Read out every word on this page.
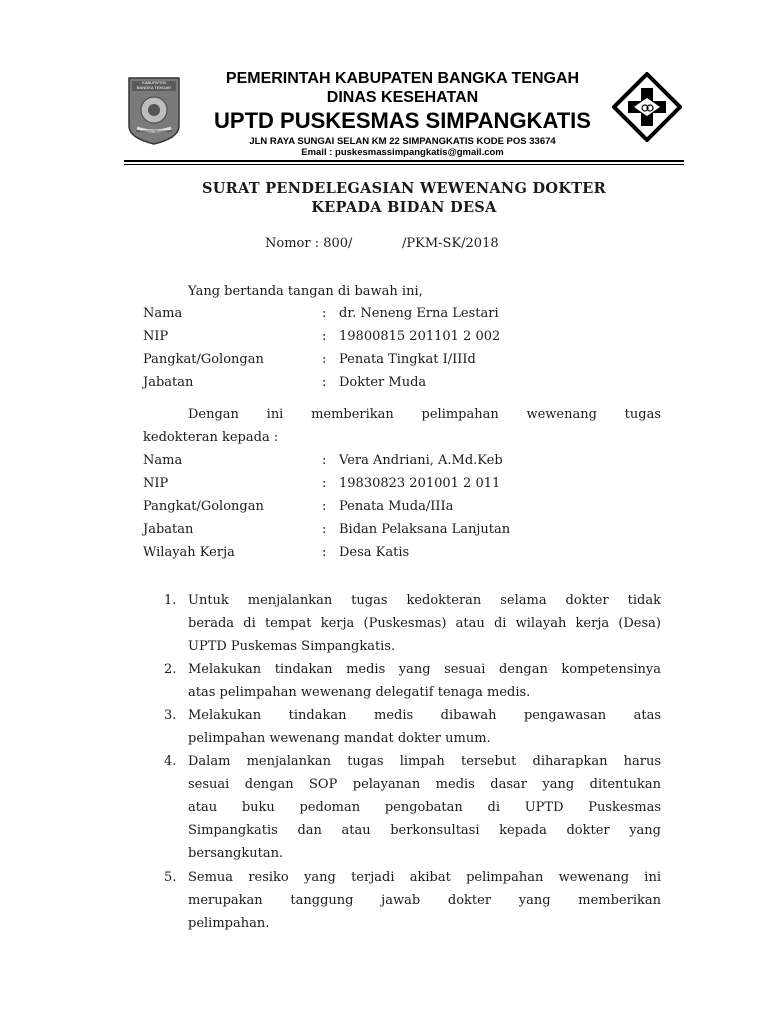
KABUPATEN
BANGKA TENGAH
SELAWANG SEGANTANG
PEMERINTAH KABUPATEN BANGKA TENGAH
DINAS KESEHATAN
UPTD PUSKESMAS SIMPANGKATIS
JLN RAYA SUNGAI SELAN KM 22 SIMPANGKATIS KODE POS 33674
Email : puskesmassimpangkatis@gmail.com
SURAT PENDELEGASIAN WEWENANG DOKTER
KEPADA BIDAN DESA
Nomor : 800/            /PKM-SK/2018
Yang bertanda tangan di bawah ini,
Nama	: dr. Neneng Erna Lestari
NIP	: 19800815 201101 2 002
Pangkat/Golongan	: Penata Tingkat I/IIId
Jabatan	: Dokter Muda
Dengan ini memberikan pelimpahan wewenang tugas
kedokteran kepada :
Nama	: Vera Andriani, A.Md.Keb
NIP	: 19830823 201001 2 011
Pangkat/Golongan	: Penata Muda/IIIa
Jabatan	: Bidan Pelaksana Lanjutan
Wilayah Kerja	: Desa Katis
1. Untuk menjalankan tugas kedokteran selama dokter tidak
berada di tempat kerja (Puskesmas) atau di wilayah kerja (Desa)
UPTD Puskemas Simpangkatis.
2. Melakukan tindakan medis yang sesuai dengan kompetensinya
atas pelimpahan wewenang delegatif tenaga medis.
3. Melakukan tindakan medis dibawah pengawasan atas
pelimpahan wewenang mandat dokter umum.
4. Dalam menjalankan tugas limpah tersebut diharapkan harus
sesuai dengan SOP pelayanan medis dasar yang ditentukan
atau buku pedoman pengobatan di UPTD Puskesmas
Simpangkatis dan atau berkonsultasi kepada dokter yang
bersangkutan.
5. Semua resiko yang terjadi akibat pelimpahan wewenang ini
merupakan tanggung jawab dokter yang memberikan
pelimpahan.
